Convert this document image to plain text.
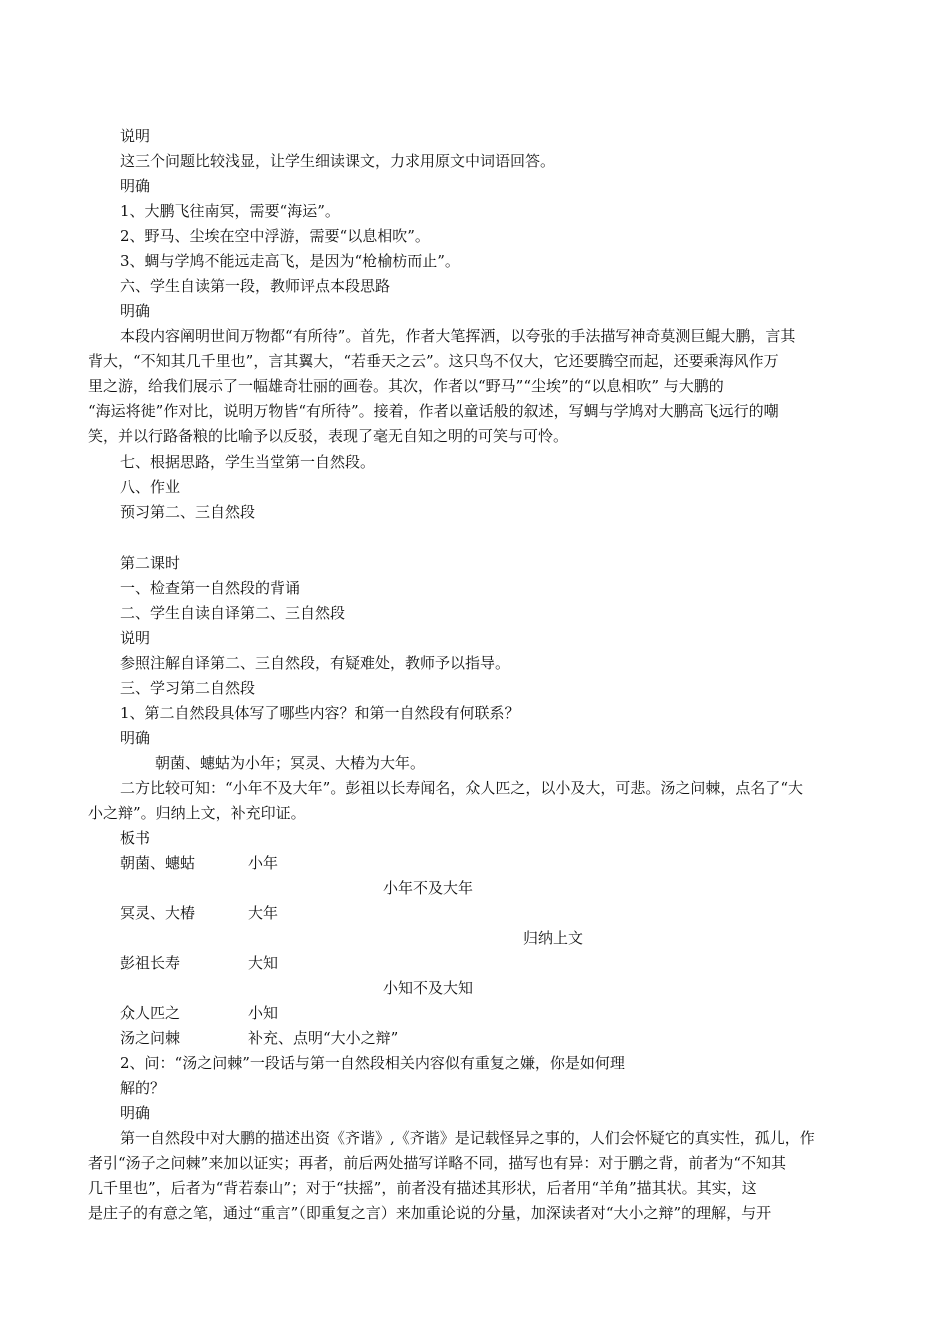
说明
这三个问题比较浅显，让学生细读课文，力求用原文中词语回答。
明确
1、大鹏飞往南冥，需要“海运”。
2、野马、尘埃在空中浮游，需要“以息相吹”。
3、蜩与学鸠不能远走高飞，是因为“枪榆枋而止”。
六、学生自读第一段，教师评点本段思路
明确
本段内容阐明世间万物都“有所待”。首先，作者大笔挥洒，以夸张的手法描写神奇莫测巨鲲大鹏，言其
背大，“不知其几千里也”，言其翼大，“若垂天之云”。这只鸟不仅大，它还要腾空而起，还要乘海风作万
里之游，给我们展示了一幅雄奇壮丽的画卷。其次，作者以“野马”“尘埃”的“以息相吹” 与大鹏的
“海运将徙”作对比，说明万物皆“有所待”。接着，作者以童话般的叙述，写蜩与学鸠对大鹏高飞远行的嘲
笑，并以行路备粮的比喻予以反驳，表现了毫无自知之明的可笑与可怜。
七、根据思路，学生当堂第一自然段。
八、作业
预习第二、三自然段
第二课时
一、检查第一自然段的背诵
二、学生自读自译第二、三自然段
说明
参照注解自译第二、三自然段，有疑难处，教师予以指导。
三、学习第二自然段
1、第二自然段具体写了哪些内容？和第一自然段有何联系？
明确
朝菌、蟪蛄为小年；冥灵、大椿为大年。
二方比较可知：“小年不及大年”。彭祖以长寿闻名，众人匹之，以小及大，可悲。汤之问棘，点名了“大
小之辩”。归纳上文，补充印证。
板书
朝菌、蟪蛄	小年
小年不及大年
冥灵、大椿	大年
归纳上文
彭祖长寿	大知
小知不及大知
众人匹之	小知
汤之问棘	补充、点明“大小之辩”
2、问：“汤之问棘”一段话与第一自然段相关内容似有重复之嫌，你是如何理
解的？
明确
第一自然段中对大鹏的描述出资《齐谐》,《齐谐》是记载怪异之事的，人们会怀疑它的真实性，孤儿，作
者引“汤子之问棘”来加以证实；再者，前后两处描写详略不同，描写也有异：对于鹏之背，前者为“不知其
几千里也”，后者为“背若泰山”；对于“扶摇”，前者没有描述其形状，后者用“羊角”描其状。其实，这
是庄子的有意之笔，通过“重言”（即重复之言）来加重论说的分量，加深读者对“大小之辩”的理解，与开
